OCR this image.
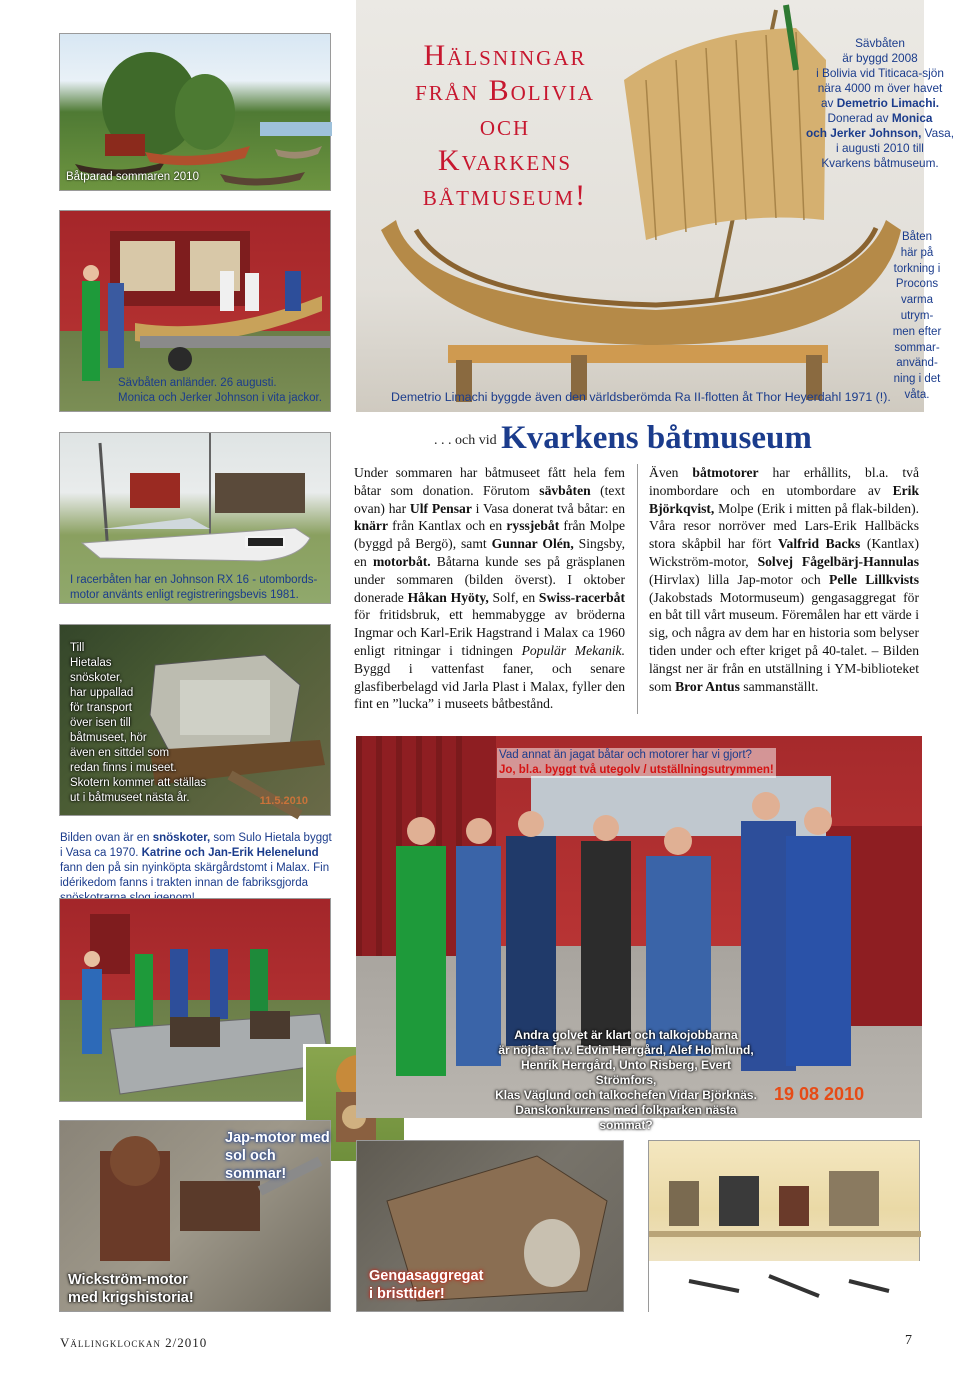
Båtparad sommaren 2010
Sävbåten anländer. 26 augusti.
Monica och Jerker Johnson i vita jackor.
I racerbåten har en Johnson RX 16 - utombords-
motor använts enligt registreringsbevis 1981.
Till
Hietalas
snöskoter,
har uppallad
för transport
över isen till
båtmuseet, hör
även en sittdel som
redan finns i museet.
Skotern kommer att ställas
ut i båtmuseet nästa år.	11.5.2010
Bilden ovan är en snöskoter, som Sulo Hietala byggt i Vasa ca 1970. Katrine och Jan-Erik Helenelund fann den på sin nyinköpta skärgårdstomt i Malax. Fin idérikedom fanns i trakten innan de fabriksgjorda
Hälsningar
från Bolivia
och
Kvarkens
båtmuseum!
Sävbåten
är byggd 2008
i Bolivia vid Titicaca-sjön
nära 4000 m över havet
av Demetrio Limachi.
Donerad av Monica
och Jerker Johnson, Vasa,
i augusti 2010 till
Kvarkens båtmuseum.
Båten
här på
torkning i
Procons
varma
utrym-
men efter
sommar-
använd-
ning i det
våta.
Demetrio Limachi byggde även den världsberömda Ra II-flotten åt Thor Heyerdahl 1971 (!).
. . . och vid Kvarkens båtmuseum
Under sommaren har båtmuseet fått hela fem båtar som donation. Förutom sävbåten (text ovan) har Ulf Pensar i Vasa donerat två båtar: en knärr från Kantlax och en ryssjebåt från Molpe (byggd på Bergö), samt Gunnar Olén, Singsby, en motorbåt. Båtarna kunde ses på gräsplanen under sommaren (bilden överst). I oktober donerade Håkan Hyöty, Solf, en Swiss-racerbåt för fritidsbruk, ett hemmabygge av bröderna Ingmar och Karl-Erik Hagstrand i Malax ca 1960 enligt ritningar i tidningen Populär Mekanik. Byggd i vattenfast faner, och senare glasfiberbelagd vid Jarla Plast i Malax, fyller den fint en ”lucka” i museets båtbestånd.
Även båtmotorer har erhållits, bl.a. två inombordare och en utombordare av Erik Björkqvist, Molpe (Erik i mitten på flak-bilden). Våra resor norröver med Lars-Erik Hallbäcks stora skåpbil har fört Valfrid Backs (Kantlax) Wickström-motor, Solvej Fågelbärj-Hannulas (Hirvlax) lilla Jap-motor och Pelle Lillkvists (Jakobstads Motormuseum) gengasaggregat för en båt till vårt museum. Föremålen har ett värde i sig, och några av dem har en historia som belyser tiden under och efter kriget på 40-talet. – Bilden längst ner är från en utställning i YM-biblioteket som Bror Antus sammanställt.
Vad annat än jagat båtar och motorer har vi gjort?
Jo, bl.a. byggt två utegolv / utställningsutrymmen!
Andra golvet är klart och talkojobbarna
är nöjda: fr.v. Edvin Herrgård, Alef Holmlund,
Henrik Herrgård, Unto Risberg, Evert Strömfors,
Klas Väglund och talkochefen Vidar Björknäs.
Danskonkurrens med folkparken nästa sommat?
19 08 2010
Wickström-motor
med krigshistoria!
Jap-motor med
sol och sommar!
Gengasaggregat
i bristtider!
Vällingklockan 2/2010	7
